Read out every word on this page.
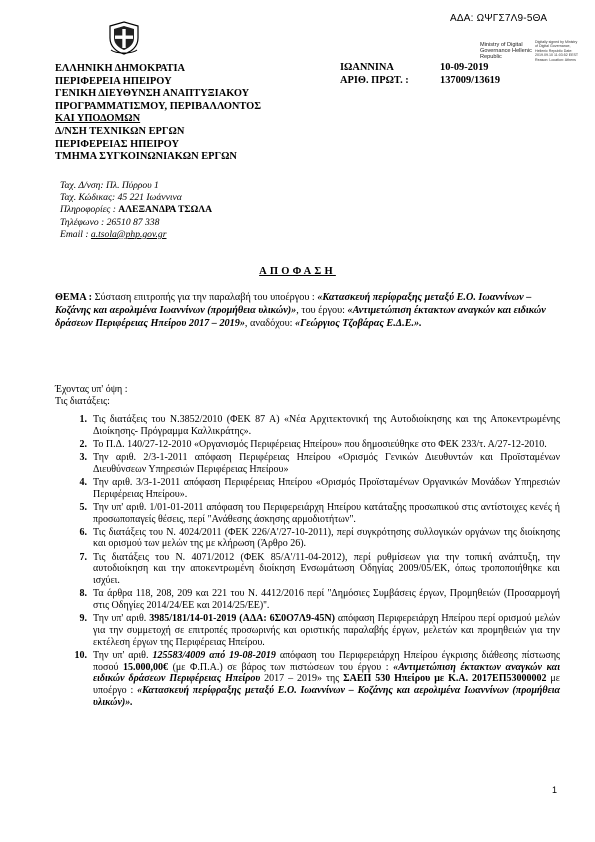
ΑΔΑ: ΩΨΓΣ7Λ9-5ΘΑ
ΕΛΛΗΝΙΚΗ ΔΗΜΟΚΡΑΤΙΑ
ΠΕΡΙΦΕΡΕΙΑ ΗΠΕΙΡΟΥ
ΓΕΝΙΚΗ ΔΙΕΥΘΥΝΣΗ ΑΝΑΠΤΥΞΙΑΚΟΥ
ΠΡΟΓΡΑΜΜΑΤΙΣΜΟΥ, ΠΕΡΙΒΑΛΛΟΝΤΟΣ
ΚΑΙ ΥΠΟΔΟΜΩΝ
Δ/ΝΣΗ ΤΕΧΝΙΚΩΝ ΕΡΓΩΝ
ΠΕΡΙΦΕΡΕΙΑΣ ΗΠΕΙΡΟΥ
ΤΜΗΜΑ ΣΥΓΚΟΙΝΩΝΙΑΚΩΝ ΕΡΓΩΝ
ΙΩΑΝΝΙΝΑ	10-09-2019
ΑΡΙΘ. ΠΡΩΤ. :	137009/13619
Ministry of Digital Governance Hellenic Republic
Digitally signed by Ministry of Digital Governance, Hellenic Republic Date: 2019.09.10 11:03:52 EEST Reason: Location: Athens
Ταχ. Δ/νση: Πλ. Πύρρου 1
Ταχ. Κώδικας: 45 221 Ιωάννινα
Πληροφορίες : ΑΛΕΞΑΝΔΡΑ ΤΣΩΛΑ
Τηλέφωνο : 26510 87 338
Email : a.tsola@php.gov.gr
ΑΠΟΦΑΣΗ
ΘΕΜΑ : Σύσταση επιτροπής για την παραλαβή του υποέργου : «Κατασκευή περίφραξης μεταξύ Ε.Ο. Ιωαννίνων – Κοζάνης και αερολιμένα Ιωαννίνων (προμήθεια υλικών)», του έργου: «Αντιμετώπιση έκτακτων αναγκών και ειδικών δράσεων Περιφέρειας Ηπείρου 2017 – 2019», αναδόχου: «Γεώργιος Τζοβάρας Ε.Δ.Ε.».
Έχοντας υπ' όψη :
Τις διατάξεις:
1. Τις διατάξεις του Ν.3852/2010 (ΦΕΚ 87 Α) «Νέα Αρχιτεκτονική της Αυτοδιοίκησης και της Αποκεντρωμένης Διοίκησης- Πρόγραμμα Καλλικράτης».
2. Το Π.Δ. 140/27-12-2010 «Οργανισμός Περιφέρειας Ηπείρου» που δημοσιεύθηκε στο ΦΕΚ 233/τ. Α/27-12-2010.
3. Την αριθ. 2/3-1-2011 απόφαση Περιφέρειας Ηπείρου «Ορισμός Γενικών Διευθυντών και Προϊσταμένων Διευθύνσεων Υπηρεσιών Περιφέρειας Ηπείρου»
4. Την αριθ. 3/3-1-2011 απόφαση Περιφέρειας Ηπείρου «Ορισμός Προϊσταμένων Οργανικών Μονάδων Υπηρεσιών Περιφέρειας Ηπείρου».
5. Την υπ' αριθ. 1/01-01-2011 απόφαση του Περιφερειάρχη Ηπείρου κατάταξης προσωπικού στις αντίστοιχες κενές ή προσωποπαγείς θέσεις, περί "Ανάθεσης άσκησης αρμοδιοτήτων".
6. Τις διατάξεις του Ν. 4024/2011 (ΦΕΚ 226/Α'/27-10-2011), περί συγκρότησης συλλογικών οργάνων της διοίκησης και ορισμού των μελών της με κλήρωση (Άρθρο 26).
7. Τις διατάξεις του Ν. 4071/2012 (ΦΕΚ 85/Α'/11-04-2012), περί ρυθμίσεων για την τοπική ανάπτυξη, την αυτοδιοίκηση και την αποκεντρωμένη διοίκηση Ενσωμάτωση Οδηγίας 2009/05/ΕΚ, όπως τροποποιήθηκε και ισχύει.
8. Τα άρθρα 118, 208, 209 και 221 του Ν. 4412/2016 περί ''Δημόσιες Συμβάσεις έργων, Προμηθειών (Προσαρμογή στις Οδηγίες 2014/24/ΕΕ και 2014/25/ΕΕ)''.
9. Την υπ' αριθ. 3985/181/14-01-2019 (ΑΔΑ: 6Σ0Ο7Λ9-45Ν) απόφαση Περιφερειάρχη Ηπείρου περί ορισμού μελών για την συμμετοχή σε επιτροπές προσωρινής και οριστικής παραλαβής έργων, μελετών και προμηθειών για την εκτέλεση έργων της Περιφέρειας Ηπείρου.
10. Την υπ' αριθ. 125583/4009 από 19-08-2019 απόφαση του Περιφερειάρχη Ηπείρου έγκρισης διάθεσης πίστωσης ποσού 15.000,00€ (με Φ.Π.Α.) σε βάρος των πιστώσεων του έργου : «Αντιμετώπιση έκτακτων αναγκών και ειδικών δράσεων Περιφέρειας Ηπείρου 2017 – 2019» της ΣΑΕΠ 530 Ηπείρου με Κ.Α. 2017ΕΠ53000002 με υποέργο : «Κατασκευή περίφραξης μεταξύ Ε.Ο. Ιωαννίνων – Κοζάνης και αερολιμένα Ιωαννίνων (προμήθεια υλικών)».
1
